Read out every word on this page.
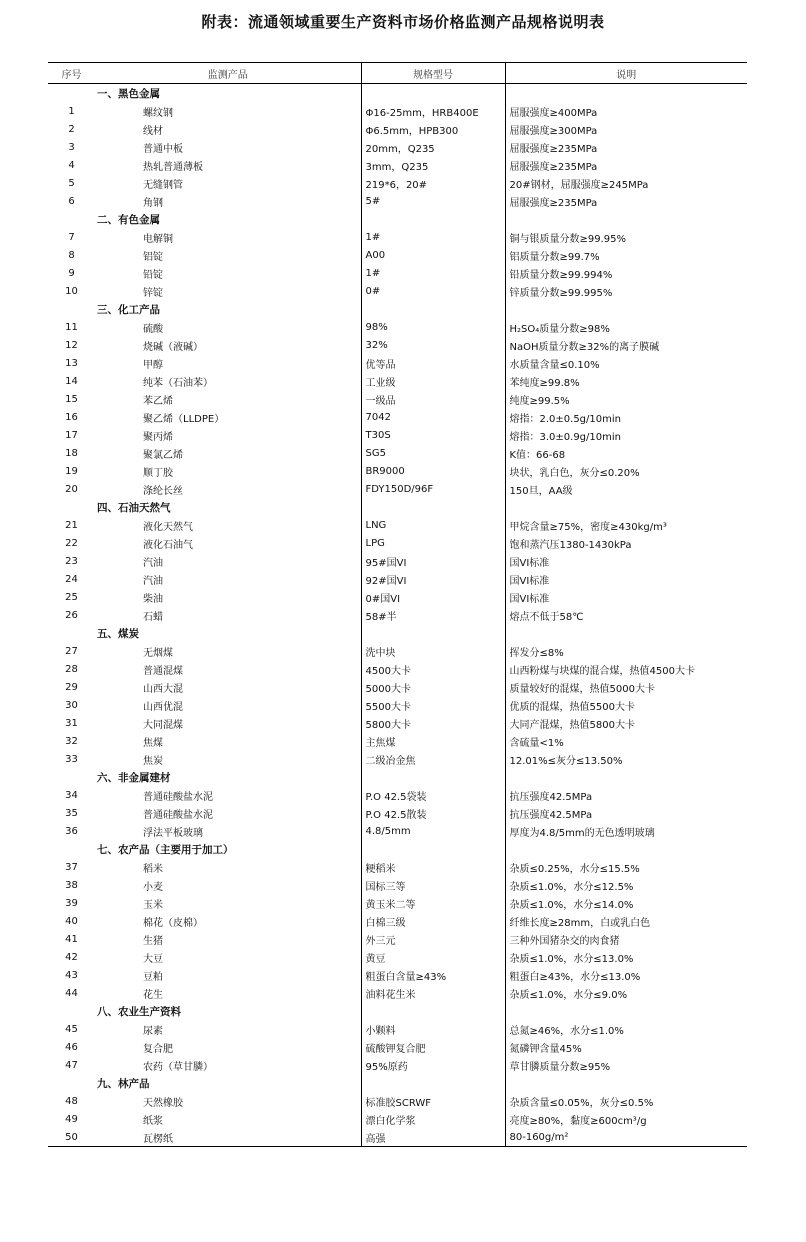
附表：流通领域重要生产资料市场价格监测产品规格说明表
序号	监测产品	规格型号	说明
	一、黑色金属		
1	螺纹钢	Φ16-25mm，HRB400E	屈服强度≥400MPa
2	线材	Φ6.5mm，HPB300	屈服强度≥300MPa
3	普通中板	20mm，Q235	屈服强度≥235MPa
4	热轧普通薄板	3mm，Q235	屈服强度≥235MPa
5	无缝钢管	219*6，20#	20#钢材，屈服强度≥245MPa
6	角钢	5#	屈服强度≥235MPa
	二、有色金属		
7	电解铜	1#	铜与银质量分数≥99.95%
8	铝锭	A00	铝质量分数≥99.7%
9	铅锭	1#	铅质量分数≥99.994%
10	锌锭	0#	锌质量分数≥99.995%
	三、化工产品		
11	硫酸	98%	H₂SO₄质量分数≥98%
12	烧碱（液碱）	32%	NaOH质量分数≥32%的离子膜碱
13	甲醇	优等品	水质量含量≤0.10%
14	纯苯（石油苯）	工业级	苯纯度≥99.8%
15	苯乙烯	一级品	纯度≥99.5%
16	聚乙烯（LLDPE）	7042	熔指：2.0±0.5g/10min
17	聚丙烯	T30S	熔指：3.0±0.9g/10min
18	聚氯乙烯	SG5	K值：66-68
19	顺丁胶	BR9000	块状，乳白色，灰分≤0.20%
20	涤纶长丝	FDY150D/96F	150旦，AA级
	四、石油天然气		
21	液化天然气	LNG	甲烷含量≥75%，密度≥430kg/m³
22	液化石油气	LPG	饱和蒸汽压1380-1430kPa
23	汽油	95#国VI	国VI标准
24	汽油	92#国VI	国VI标准
25	柴油	0#国VI	国VI标准
26	石蜡	58#半	熔点不低于58℃
	五、煤炭		
27	无烟煤	洗中块	挥发分≤8%
28	普通混煤	4500大卡	山西粉煤与块煤的混合煤，热值4500大卡
29	山西大混	5000大卡	质量较好的混煤，热值5000大卡
30	山西优混	5500大卡	优质的混煤，热值5500大卡
31	大同混煤	5800大卡	大同产混煤，热值5800大卡
32	焦煤	主焦煤	含硫量<1%
33	焦炭	二级冶金焦	12.01%≤灰分≤13.50%
	六、非金属建材		
34	普通硅酸盐水泥	P.O 42.5袋装	抗压强度42.5MPa
35	普通硅酸盐水泥	P.O 42.5散装	抗压强度42.5MPa
36	浮法平板玻璃	4.8/5mm	厚度为4.8/5mm的无色透明玻璃
	七、农产品（主要用于加工）		
37	稻米	粳稻米	杂质≤0.25%，水分≤15.5%
38	小麦	国标三等	杂质≤1.0%，水分≤12.5%
39	玉米	黄玉米二等	杂质≤1.0%，水分≤14.0%
40	棉花（皮棉）	白棉三级	纤维长度≥28mm，白或乳白色
41	生猪	外三元	三种外国猪杂交的肉食猪
42	大豆	黄豆	杂质≤1.0%，水分≤13.0%
43	豆粕	粗蛋白含量≥43%	粗蛋白≥43%，水分≤13.0%
44	花生	油料花生米	杂质≤1.0%，水分≤9.0%
	八、农业生产资料		
45	尿素	小颗料	总氮≥46%，水分≤1.0%
46	复合肥	硫酸钾复合肥	氮磷钾含量45%
47	农药（草甘膦）	95%原药	草甘膦质量分数≥95%
	九、林产品		
48	天然橡胶	标准胶SCRWF	杂质含量≤0.05%，灰分≤0.5%
49	纸浆	漂白化学浆	亮度≥80%，黏度≥600cm³/g
50	瓦楞纸	高强	80-160g/m²
